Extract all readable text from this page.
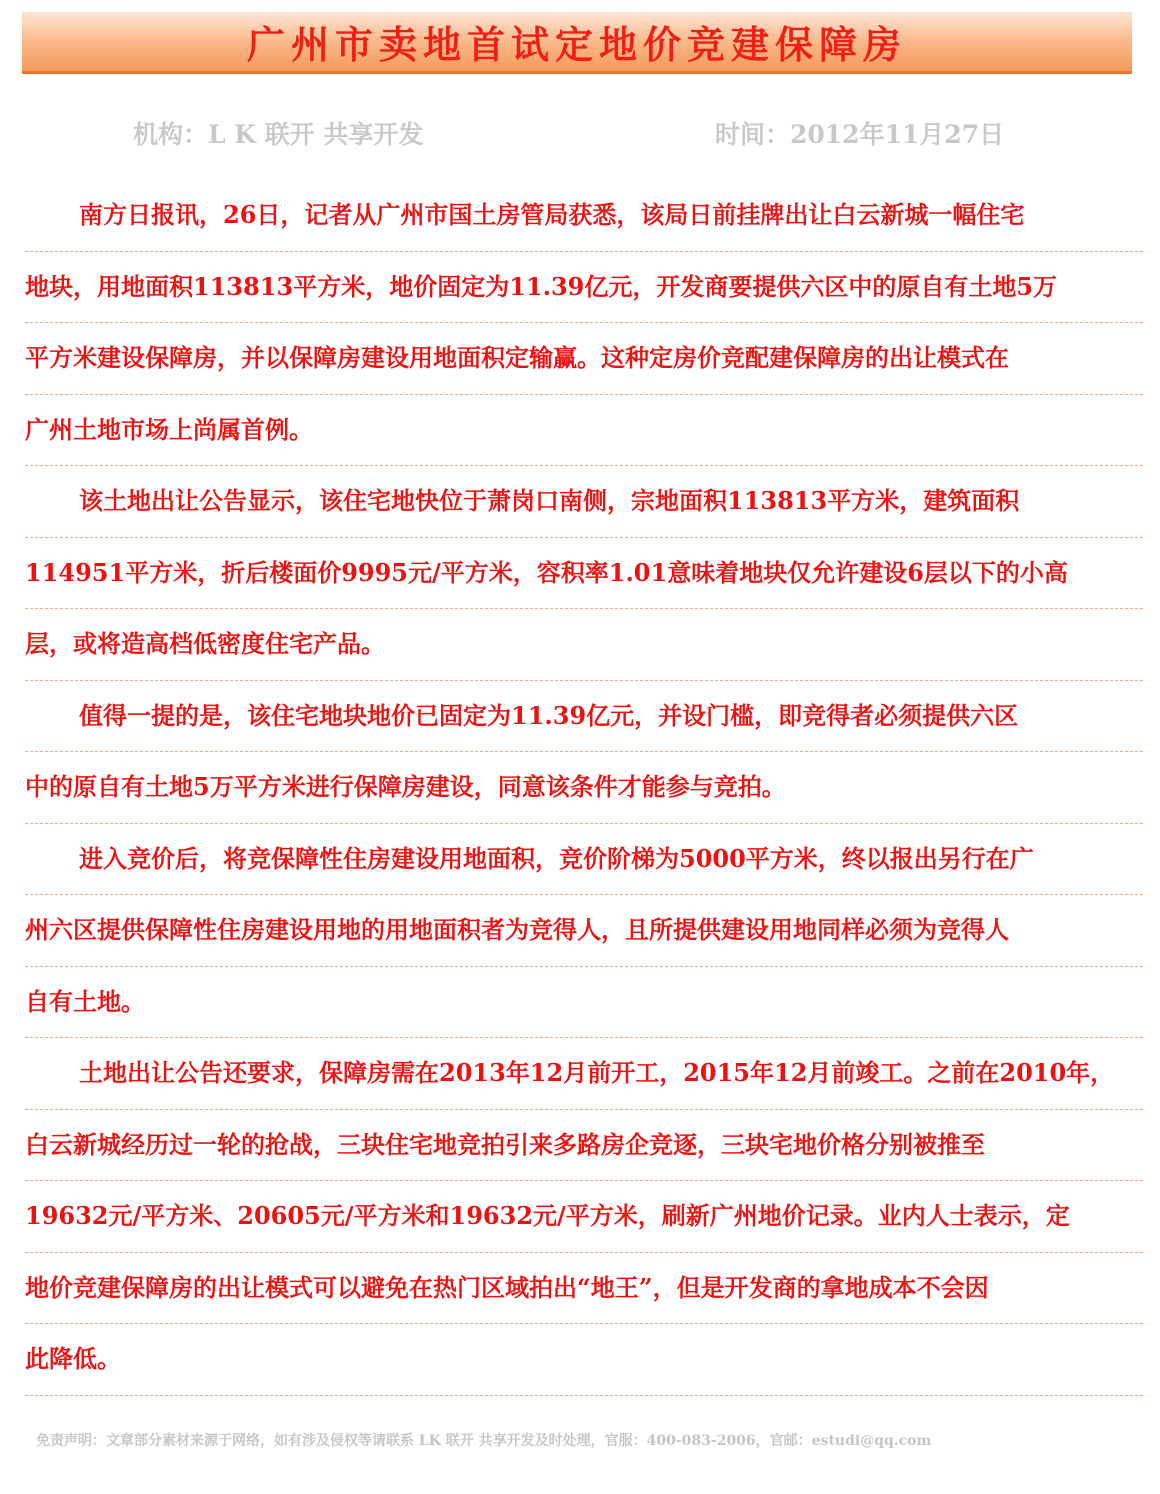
广州市卖地首试定地价竞建保障房
机构：L K 联开 共享开发	时间：2012年11月27日
南方日报讯，26日，记者从广州市国土房管局获悉，该局日前挂牌出让白云新城一幅住宅
地块，用地面积113813平方米，地价固定为11.39亿元，开发商要提供六区中的原自有土地5万
平方米建设保障房，并以保障房建设用地面积定输赢。这种定房价竞配建保障房的出让模式在
广州土地市场上尚属首例。
该土地出让公告显示，该住宅地快位于萧岗口南侧，宗地面积113813平方米，建筑面积
114951平方米，折后楼面价9995元/平方米，容积率1.01意味着地块仅允许建设6层以下的小高
层，或将造高档低密度住宅产品。
值得一提的是，该住宅地块地价已固定为11.39亿元，并设门槛，即竞得者必须提供六区
中的原自有土地5万平方米进行保障房建设，同意该条件才能参与竞拍。
进入竞价后，将竞保障性住房建设用地面积，竞价阶梯为5000平方米，终以报出另行在广
州六区提供保障性住房建设用地的用地面积者为竞得人，且所提供建设用地同样必须为竞得人
自有土地。
土地出让公告还要求，保障房需在2013年12月前开工，2015年12月前竣工。之前在2010年，
白云新城经历过一轮的抢战，三块住宅地竞拍引来多路房企竞逐，三块宅地价格分别被推至
19632元/平方米、20605元/平方米和19632元/平方米，刷新广州地价记录。业内人士表示，定
地价竞建保障房的出让模式可以避免在热门区域拍出“地王”，但是开发商的拿地成本不会因
此降低。
免责声明：文章部分素材来源于网络，如有涉及侵权等请联系 LK 联开 共享开发及时处理，官服：400-083-2006，官邮：estudi@qq.com
